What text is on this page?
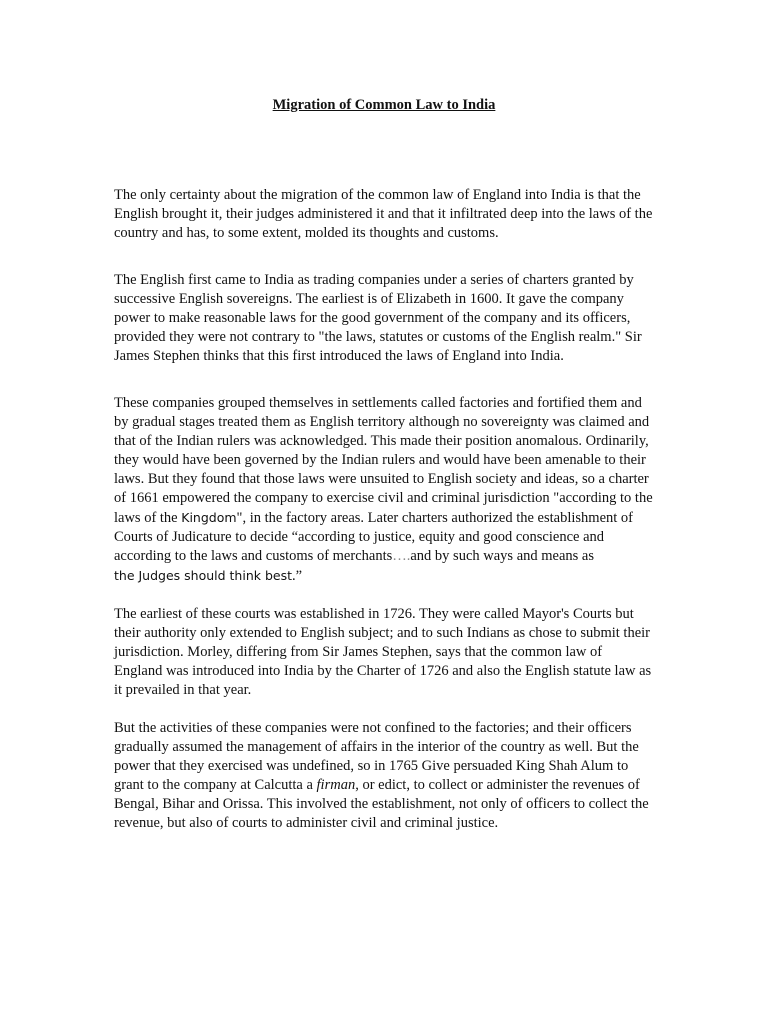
Migration of Common Law to India

The only certainty about the migration of the common law of England into India is that the English brought it, their judges administered it and that it infiltrated deep into the laws of the country and has, to some extent, molded its thoughts and customs.

The English first came to India as trading companies under a series of charters granted by successive English sovereigns. The earliest is of Elizabeth in 1600. It gave the company power to make reasonable laws for the good government of the company and its officers, provided they were not contrary to "the laws, statutes or customs of the English realm." Sir James Stephen thinks that this first introduced the laws of England into India.

These companies grouped themselves in settlements called factories and fortified them and by gradual stages treated them as English territory although no sovereignty was claimed and that of the Indian rulers was acknowledged. This made their position anomalous. Ordinarily, they would have been governed by the Indian rulers and would have been amenable to their laws. But they found that those laws were unsuited to English society and ideas, so a charter of 1661 empowered the company to exercise civil and criminal jurisdiction "according to the laws of the Kingdom", in the factory areas. Later charters authorized the establishment of Courts of Judicature to decide “according to justice, equity and good conscience and according to the laws and customs of merchants….and by such ways and means as
the Judges should think best.”

The earliest of these courts was established in 1726. They were called Mayor's Courts but their authority only extended to English subject; and to such Indians as chose to submit their jurisdiction. Morley, differing from Sir James Stephen, says that the common law of England was introduced into India by the Charter of 1726 and also the English statute law as it prevailed in that year.

But the activities of these companies were not confined to the factories; and their officers gradually assumed the management of affairs in the interior of the country as well. But the power that they exercised was undefined, so in 1765 Give persuaded King Shah Alum to grant to the company at Calcutta a firman, or edict, to collect or administer the revenues of Bengal, Bihar and Orissa. This involved the establishment, not only of officers to collect the revenue, but also of courts to administer civil and criminal justice.
